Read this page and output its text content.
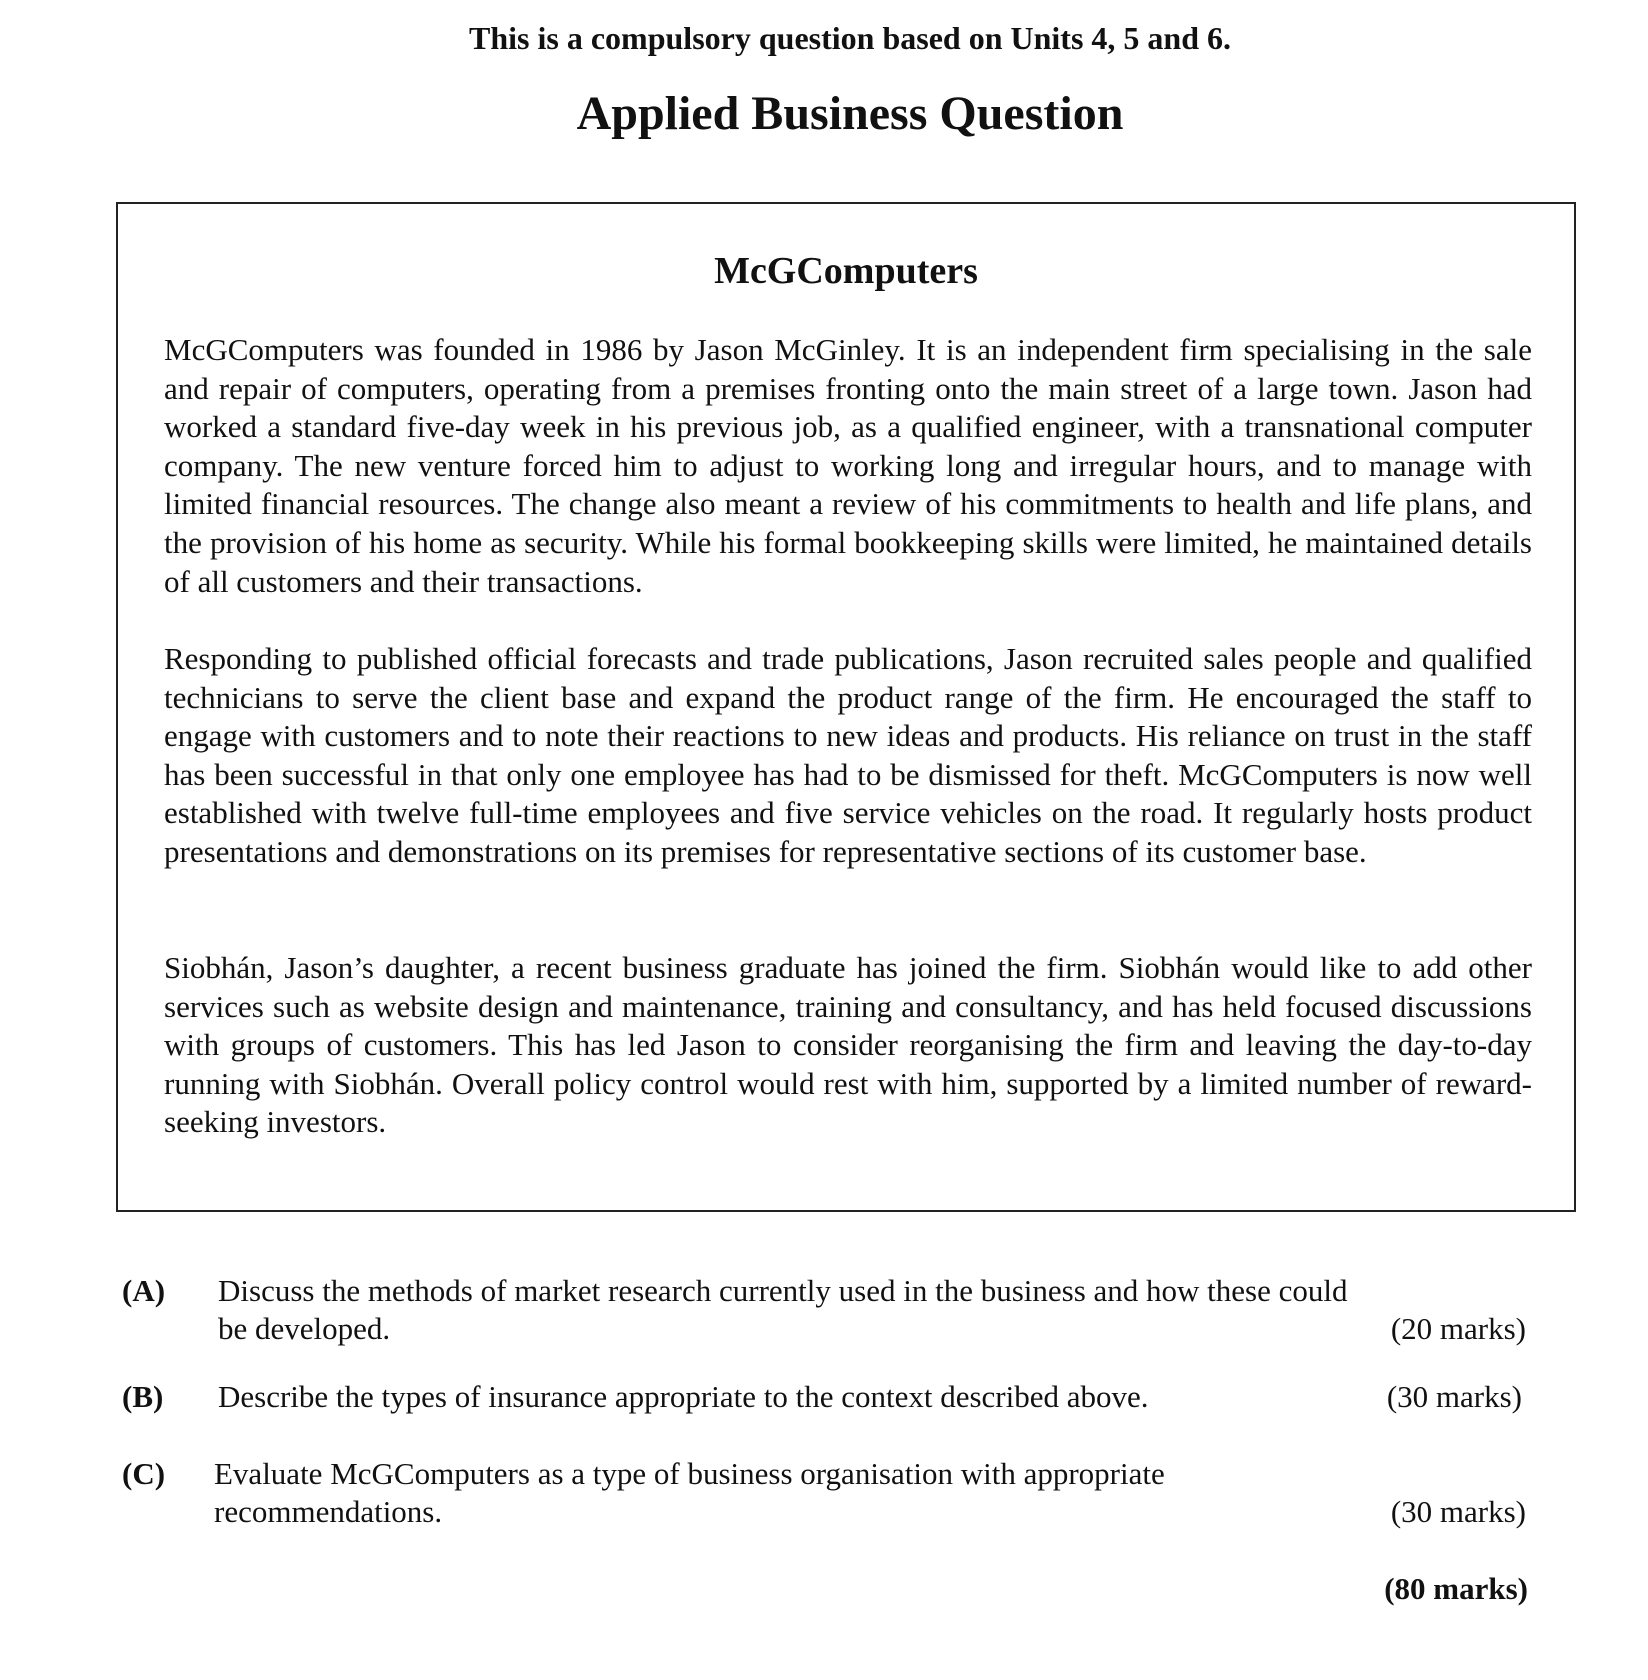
This is a compulsory question based on Units 4, 5 and 6.
Applied Business Question
McGComputers

McGComputers was founded in 1986 by Jason McGinley. It is an independent firm specialising in the sale and repair of computers, operating from a premises fronting onto the main street of a large town. Jason had worked a standard five-day week in his previous job, as a qualified engineer, with a transnational computer company. The new venture forced him to adjust to working long and irregular hours, and to manage with limited financial resources. The change also meant a review of his commitments to health and life plans, and the provision of his home as security. While his formal bookkeeping skills were limited, he maintained details of all customers and their transactions.

Responding to published official forecasts and trade publications, Jason recruited sales people and qualified technicians to serve the client base and expand the product range of the firm. He encouraged the staff to engage with customers and to note their reactions to new ideas and products. His reliance on trust in the staff has been successful in that only one employee has had to be dismissed for theft. McGComputers is now well established with twelve full-time employees and five service vehicles on the road. It regularly hosts product presentations and demonstrations on its premises for representative sections of its customer base.

Siobhán, Jason’s daughter, a recent business graduate has joined the firm. Siobhán would like to add other services such as website design and maintenance, training and consultancy, and has held focused discussions with groups of customers. This has led Jason to consider reorganising the firm and leaving the day-to-day running with Siobhán. Overall policy control would rest with him, supported by a limited number of reward-seeking investors.

(A) Discuss the methods of market research currently used in the business and how these could be developed.	(20 marks)
(B) Describe the types of insurance appropriate to the context described above.	(30 marks)
(C) Evaluate McGComputers as a type of business organisation with appropriate recommendations.	(30 marks)
(80 marks)
